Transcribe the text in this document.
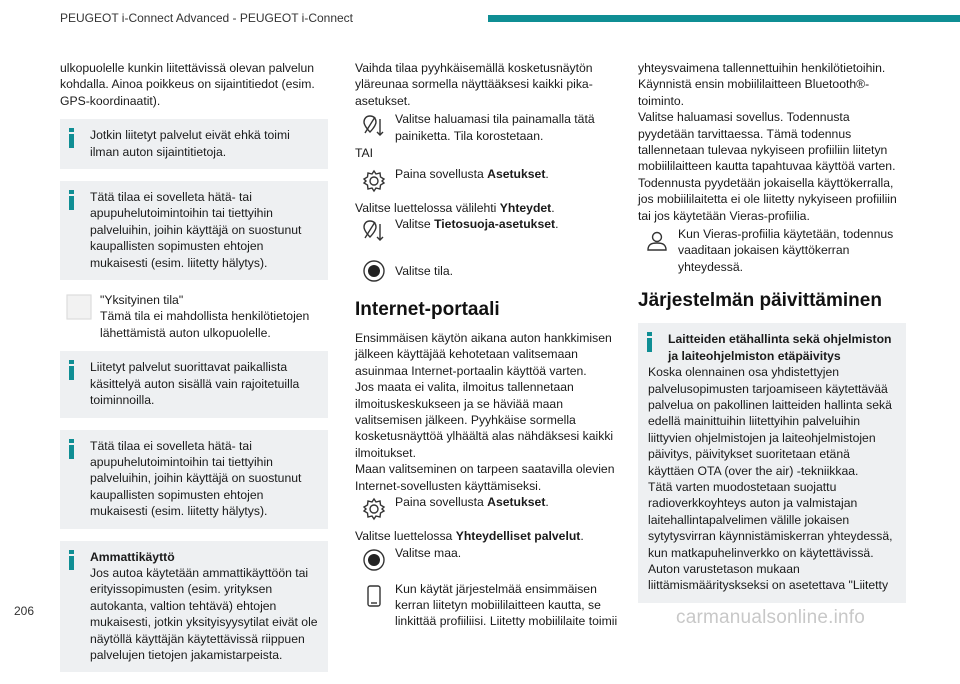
PEUGEOT i-Connect Advanced - PEUGEOT i-Connect

ulkopuolelle kunkin liitettävissä olevan palvelun kohdalla. Ainoa poikkeus on sijaintitiedot (esim. GPS-koordinaatit).

Jotkin liitetyt palvelut eivät ehkä toimi ilman auton sijaintitietoja.
Tätä tilaa ei sovelleta hätä- tai apupuhelutoimintoihin tai tiettyihin palveluihin, joihin käyttäjä on suostunut kaupallisten sopimusten ehtojen mukaisesti (esim. liitetty hälytys).
"Yksityinen tila"
Tämä tila ei mahdollista henkilötietojen lähettämistä auton ulkopuolelle.
Liitetyt palvelut suorittavat paikallista käsittelyä auton sisällä vain rajoitetuilla toiminnoilla.
Tätä tilaa ei sovelleta hätä- tai apupuhelutoimintoihin tai tiettyihin palveluihin, joihin käyttäjä on suostunut kaupallisten sopimusten ehtojen mukaisesti (esim. liitetty hälytys).
Ammattikäyttö
Jos autoa käytetään ammattikäyttöön tai erityissopimusten (esim. yrityksen autokanta, valtion tehtävä) ehtojen mukaisesti, jotkin yksityisyysytilat eivät ole näytöllä käyttäjän käytettävissä riippuen palvelujen tietojen jakamistarpeista.

Vaihda tilaa pyyhkäisemällä kosketusnäytön yläreunaa sormella näyttääksesi kaikki pika-asetukset.

Valitse haluamasi tila painamalla tätä painiketta. Tila korostetaan.

TAI

Paina sovellusta Asetukset.

Valitse luettelossa välilehti Yhteydet.

Valitse Tietosuoja-asetukset.
Valitse tila.
Internet-portaali

Ensimmäisen käytön aikana auton hankkimisen jälkeen käyttäjää kehotetaan valitsemaan asuinmaa Internet-portaalin käyttöä varten.
Jos maata ei valita, ilmoitus tallennetaan ilmoituskeskukseen ja se häviää maan valitsemisen jälkeen. Pyyhkäise sormella kosketusnäyttöä ylhäältä alas nähdäksesi kaikki ilmoitukset.
Maan valitseminen on tarpeen saatavilla olevien Internet-sovellusten käyttämiseksi.

Paina sovellusta Asetukset.

Valitse luettelossa Yhteydelliset palvelut.

Valitse maa.
Kun käytät järjestelmää ensimmäisen kerran liitetyn mobiililaitteen kautta, se linkittää profiiliisi. Liitetty mobiililaite toimii

yhteysvaimena tallennettuihin henkilötietoihin.
Käynnistä ensin mobiililaitteen Bluetooth®-toiminto.
Valitse haluamasi sovellus. Todennusta pyydetään tarvittaessa. Tämä todennus tallennetaan tulevaa nykyiseen profiiliin liitetyn mobiililaitteen kautta tapahtuvaa käyttöä varten. Todennusta pyydetään jokaisella käyttökerralla, jos mobiililaitetta ei ole liitetty nykyiseen profiiliin tai jos käytetään Vieras-profiilia.

Kun Vieras-profiilia käytetään, todennus vaaditaan jokaisen käyttökerran yhteydessä.
Järjestelmän päivittäminen
Laitteiden etähallinta sekä ohjelmiston ja laiteohjelmiston etäpäivitys
Koska olennainen osa yhdistettyjen palvelusopimusten tarjoamiseen käytettävää palvelua on pakollinen laitteiden hallinta sekä edellä mainittuihin liitettyihin palveluihin liittyvien ohjelmistojen ja laiteohjelmistojen päivitys, päivitykset suoritetaan etänä käyttäen OTA (over the air) -tekniikkaa.
Tätä varten muodostetaan suojattu radioverkkoyhteys auton ja valmistajan laitehallintapalvelimen välille jokaisen sytytysvirran käynnistämiskerran yhteydessä, kun matkapuhelinverkko on käytettävissä. Auton varustetason mukaan liittämismäärityskseksi on asetettava "Liitetty
206	carmanualsonline.info
